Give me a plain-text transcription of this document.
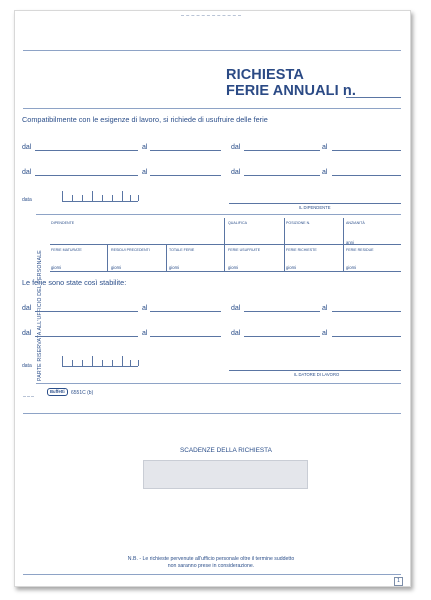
RICHIESTA
FERIE ANNUALI n.
Compatibilmente con le esigenze di lavoro, si richiede di usufruire delle ferie
dal	al	dal	al
dal	al	dal	al
data
IL DIPENDENTE
PARTE RISERVATA ALL'UFFICIO DEL PERSONALE
DIPENDENTE	QUALIFICA	POSIZIONE N.	ANZIANITÀ
anni
FERIE MATURATE	RESIDUI PRECEDENTI	TOTALE FERIE	FERIE USUFRUITE	FERIE RICHIESTE	FERIE RESIDUE
giorni	giorni	giorni	giorni	giorni	giorni
Le ferie sono state così stabilite:
dal	al	dal	al
dal	al	dal	al
data
IL DATORE DI LAVORO
Buffetti	6551C (b)
SCADENZE DELLA RICHIESTA
N.B. - Le richieste pervenute all'ufficio personale oltre il termine suddetto
non saranno prese in considerazione.
1
